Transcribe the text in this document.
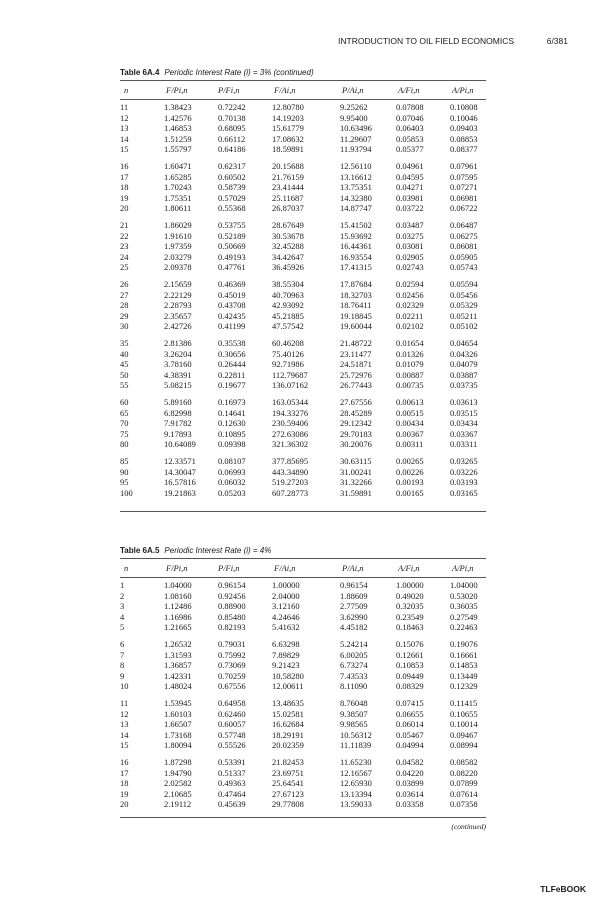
INTRODUCTION TO OIL FIELD ECONOMICS	6/381
Table 6A.4 Periodic Interest Rate (i) = 3% (continued)
n	F/Pi,n	P/Fi,n	F/Ai,n	P/Ai,n	A/Fi,n	A/Pi,n
11	1.38423	0.72242	12.80780	9.25262	0.07808	0.10808
12	1.42576	0.70138	14.19203	9.95400	0.07046	0.10046
13	1.46853	0.68095	15.61779	10.63496	0.06403	0.09403
14	1.51259	0.66112	17.08632	11.29607	0.05853	0.08853
15	1.55797	0.64186	18.59891	11.93794	0.05377	0.08377
16	1.60471	0.62317	20.15688	12.56110	0.04961	0.07961
17	1.65285	0.60502	21.76159	13.16612	0.04595	0.07595
18	1.70243	0.58739	23.41444	13.75351	0.04271	0.07271
19	1.75351	0.57029	25.11687	14.32380	0.03981	0.06981
20	1.80611	0.55368	26.87037	14.87747	0.03722	0.06722
21	1.86029	0.53755	28.67649	15.41502	0.03487	0.06487
22	1.91610	0.52189	30.53678	15.93692	0.03275	0.06275
23	1.97359	0.50669	32.45288	16.44361	0.03081	0.06081
24	2.03279	0.49193	34.42647	16.93554	0.02905	0.05905
25	2.09378	0.47761	36.45926	17.41315	0.02743	0.05743
26	2.15659	0.46369	38.55304	17.87684	0.02594	0.05594
27	2.22129	0.45019	40.70963	18.32703	0.02456	0.05456
28	2.28793	0.43708	42.93092	18.76411	0.02329	0.05329
29	2.35657	0.42435	45.21885	19.18845	0.02211	0.05211
30	2.42726	0.41199	47.57542	19.60044	0.02102	0.05102
35	2.81386	0.35538	60.46208	21.48722	0.01654	0.04654
40	3.26204	0.30656	75.40126	23.11477	0.01326	0.04326
45	3.78160	0.26444	92.71986	24.51871	0.01079	0.04079
50	4.38391	0.22811	112.79687	25.72976	0.00887	0.03887
55	5.08215	0.19677	136.07162	26.77443	0.00735	0.03735
60	5.89160	0.16973	163.05344	27.67556	0.00613	0.03613
65	6.82998	0.14641	194.33276	28.45289	0.00515	0.03515
70	7.91782	0.12630	230.59406	29.12342	0.00434	0.03434
75	9.17893	0.10895	272.63086	29.70183	0.00367	0.03367
80	10.64089	0.09398	321.36302	30.20076	0.00311	0.03311
85	12.33571	0.08107	377.85695	30.63115	0.00265	0.03265
90	14.30047	0.06993	443.34890	31.00241	0.00226	0.03226
95	16.57816	0.06032	519.27203	31.32266	0.00193	0.03193
100	19.21863	0.05203	607.28773	31.59891	0.00165	0.03165
Table 6A.5 Periodic Interest Rate (i) = 4%
n	F/Pi,n	P/Fi,n	F/Ai,n	P/Ai,n	A/Fi,n	A/Pi,n
1	1.04000	0.96154	1.00000	0.96154	1.00000	1.04000
2	1.08160	0.92456	2.04000	1.88609	0.49020	0.53020
3	1.12486	0.88900	3.12160	2.77509	0.32035	0.36035
4	1.16986	0.85480	4.24646	3.62990	0.23549	0.27549
5	1.21665	0.82193	5.41632	4.45182	0.18463	0.22463
6	1.26532	0.79031	6.63298	5.24214	0.15076	0.19076
7	1.31593	0.75992	7.89829	6.00205	0.12661	0.16661
8	1.36857	0.73069	9.21423	6.73274	0.10853	0.14853
9	1.42331	0.70259	10.58280	7.43533	0.09449	0.13449
10	1.48024	0.67556	12.00611	8.11090	0.08329	0.12329
11	1.53945	0.64958	13.48635	8.76048	0.07415	0.11415
12	1.60103	0.62460	15.02581	9.38507	0.06655	0.10655
13	1.66507	0.60057	16.62684	9.98565	0.06014	0.10014
14	1.73168	0.57748	18.29191	10.56312	0.05467	0.09467
15	1.80094	0.55526	20.02359	11.11839	0.04994	0.08994
16	1.87298	0.53391	21.82453	11.65230	0.04582	0.08582
17	1.94790	0.51337	23.69751	12.16567	0.04220	0.08220
18	2.02582	0.49363	25.64541	12.65930	0.03899	0.07899
19	2.10685	0.47464	27.67123	13.13394	0.03614	0.07614
20	2.19112	0.45639	29.77808	13.59033	0.03358	0.07358
(continued)
TLFeBOOK
